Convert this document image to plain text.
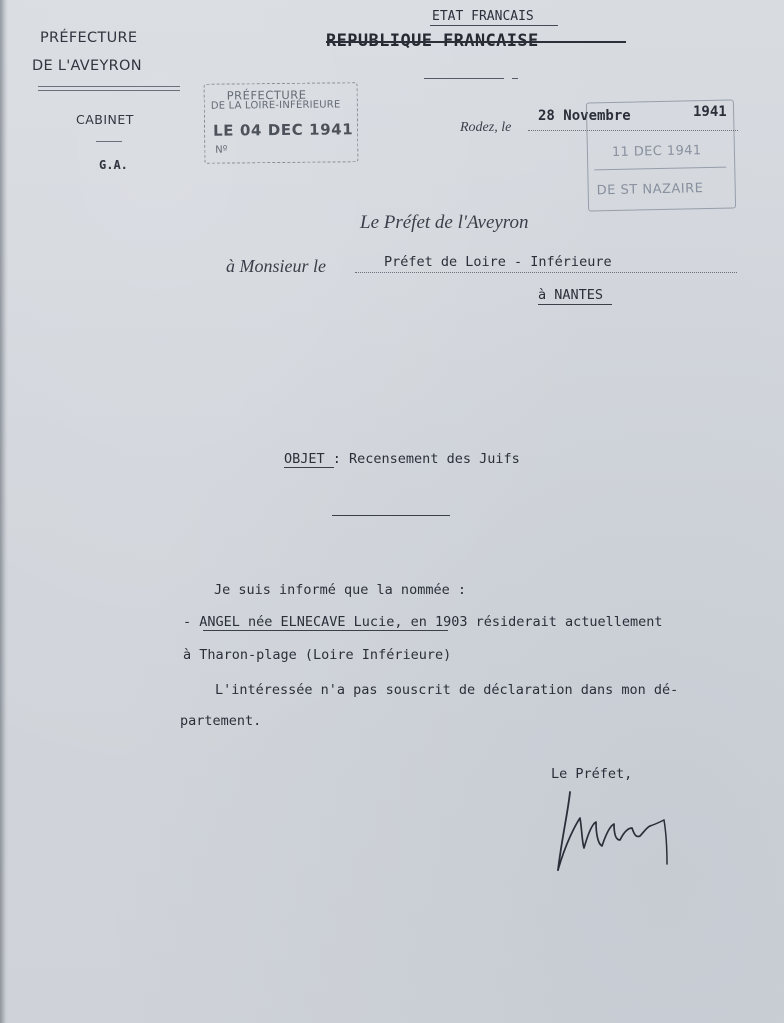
PRÉFECTURE
DE L'AVEYRON
CABINET
G.A.
ETAT FRANCAIS
REPUBLIQUE FRANCAISE
PRÉFECTURE
DE LA LOIRE-INFÉRIEURE
LE 04 DEC 1941
Nº
Rodez, le
28 Novembre	1941
11 DEC 1941
DE ST NAZAIRE
Le Préfet de l'Aveyron
à Monsieur le	Préfet de Loire - Inférieure
à NANTES
OBJET : Recensement des Juifs
Je suis informé que la nommée :
- ANGEL née ELNECAVE Lucie, en 1903 résiderait actuellement
à Tharon-plage (Loire Inférieure)
L'intéressée n'a pas souscrit de déclaration dans mon dé-
partement.
Le Préfet,
